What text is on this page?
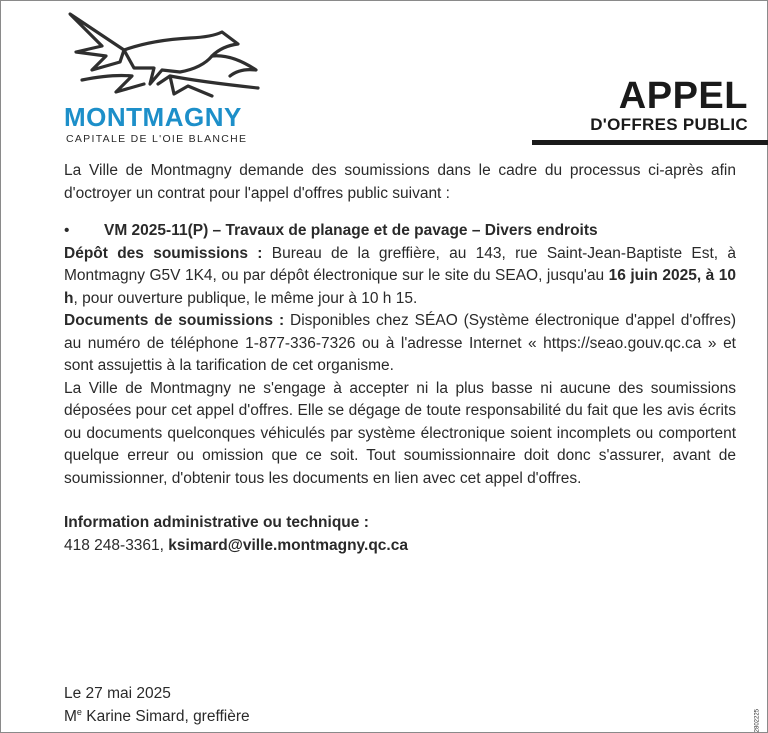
MONTMAGNY
CAPITALE DE L'OIE BLANCHE
APPEL
D'OFFRES PUBLIC

La Ville de Montmagny demande des soumissions dans le cadre du processus ci-après afin d'octroyer un contrat pour l'appel d'offres public suivant :

•	VM 2025-11(P) – Travaux de planage et de pavage – Divers endroits

Dépôt des soumissions : Bureau de la greffière, au 143, rue Saint-Jean-Baptiste Est, à Montmagny G5V 1K4, ou par dépôt électronique sur le site du SEAO, jusqu'au 16 juin 2025, à 10 h, pour ouverture publique, le même jour à 10 h 15.

Documents de soumissions : Disponibles chez SÉAO (Système électronique d'appel d'offres) au numéro de téléphone 1-877-336-7326 ou à l'adresse Internet « https://seao.gouv.qc.ca » et sont assujettis à la tarification de cet organisme.

La Ville de Montmagny ne s'engage à accepter ni la plus basse ni aucune des soumissions déposées pour cet appel d'offres. Elle se dégage de toute responsabilité du fait que les avis écrits ou documents quelconques véhiculés par système électronique soient incomplets ou comportent quelque erreur ou omission que ce soit. Tout soumissionnaire doit donc s'assurer, avant de soumissionner, d'obtenir tous les documents en lien avec cet appel d'offres.

Information administrative ou technique :

418 248-3361, ksimard@ville.montmagny.qc.ca

Le 27 mai 2025

Me Karine Simard, greffière	2802225
